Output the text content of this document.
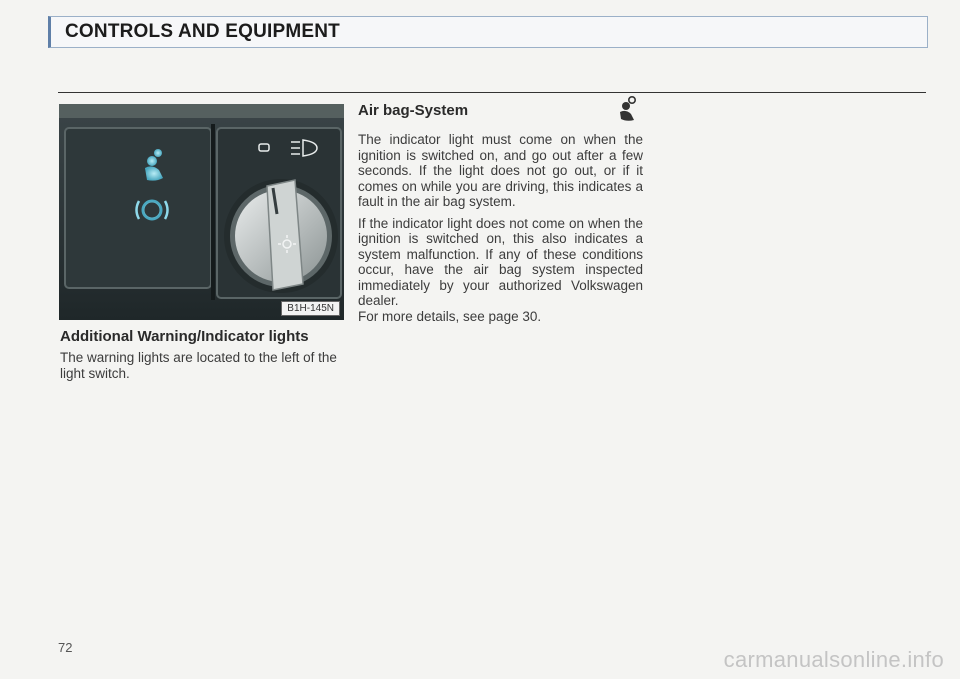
CONTROLS AND EQUIPMENT
B1H-145N
Additional Warning/Indicator lights
The warning lights are located to the left of the light switch.
Air bag-System

The indicator light must come on when the ignition is switched on, and go out after a few seconds. If the light does not go out, or if it comes on while you are driving, this indicates a fault in the air bag system.

If the indicator light does not come on when the ignition is switched on, this also indicates a system malfunction. If any of these conditions occur, have the air bag system inspected immediately by your authorized Volkswagen dealer.

For more details, see page 30.

72	carmanualsonline.info
